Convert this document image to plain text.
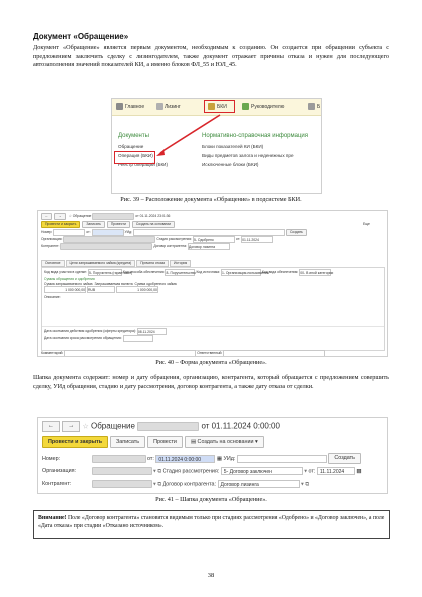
Документ «Обращение»
Документ «Обращение» является первым документом, необходимым к созданию. Он создается при обращении субъекта с предложением заключить сделку с лизингодателем, также документ отражает причины отказа и нужен для последующего автозаполнения значений показателей КИ, а именно блоков ФЛ_55 и ЮЛ_45.
Главное	Лизинг	БКИ	Руководителю	Б
Документы
Обращение
Операция (БКИ)
Реестр операций (БКИ)
Нормативно-справочная информация
Блоки показателей КИ (БКИ)
Виды предметов залога и неденежных пре
Исключенные блоки (БКИ)
Рис. 39 – Расположение документа «Обращение» в подсистеме БКИ.
←	→ ☆ Обращение	от 01.11.2024 23:01:36
Провести и закрыть	Записать	Провести	Создать на основании	Еще
Номер:	от:	УИд:	Создать
Организация:	Стадия рассмотрения: 5- Одобрено	от: 01.11.2024
Контрагент:	Договор контрагента: Договор лизинга
Основное	Цели запрашиваемого займа (кредита)	Причина отказа	История
Код вида участия в сделке: 5- Поручитель (гарантиант) Код способа обеспечения: 8- Поручительство Код источника: 1- Организация-пользователь Код вида обеспечения: 00- В иной категории
Суммы обращения и одобрения
Сумма запрашиваемого займа Запрашиваемая валюта Сумма одобренного займа
1 000 000,00 RUB	1 000 000,00
Описание:
Дата окончания действия одобрения (оферты кредитора): 08.11.2024
Дата окончания срока рассмотрения обращения:
Комментарий:	Ответственный:
Рис. 40 – Форма документа «Обращение».
Шапка документа содержит: номер и дату обращения, организацию, контрагента, который обращается с предложением совершить сделку, УИд обращения, стадию и дату рассмотрения, договор контрагента, а также дату отказа от сделки.
← → ☆ Обращение	от 01.11.2024 0:00:00
Провести и закрыть	Записать	Провести	▤ Создать на основании ▾
Номер:	от: 01.11.2024 0:00:00	▦ УИд:	Создать
Организация:	▾ ⧉ Стадия рассмотрения: 5- Договор заключен	▾ от: 11.11.2024 ▦
Контрагент:	▾ ⧉ Договор контрагента: Договор лизинга	▾ ⧉
Рис. 41 – Шапка документа «Обращение».
Внимание! Поле «Договор контрагента» становится видимым только при стадиях рассмотрения «Одобрено» и «Договор заключен», а поле «Дата отказа» при стадии «Отказано источником».
38
